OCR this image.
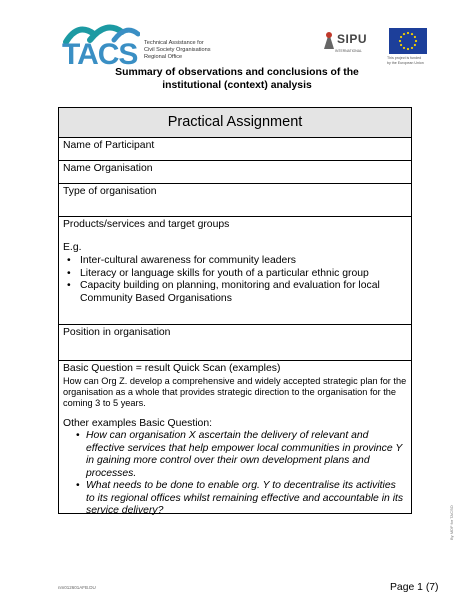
TACS Technical Assistance for
Civil Society Organisations
Regional Office
SIPU
INTERNATIONAL
This project is funded
by the European Union
Summary of observations and conclusions of the
institutional (context) analysis
Practical Assignment
Name of Participant
Name Organisation
Type of organisation
Products/services and target groups
E.g.
• Inter-cultural awareness for community leaders
• Literacy or language skills for youth of a particular ethnic group
• Capacity building on planning, monitoring and evaluation for local Community Based Organisations
Position in organisation
Basic Question = result Quick Scan (examples)
How can Org Z. develop a comprehensive and widely accepted strategic plan for the organisation as a whole that provides strategic direction to the organisation for the coming 3 to 5 years.
Other examples Basic Question:
• How can organisation X ascertain the delivery of relevant and effective services that help empower local communities in province Y in gaining more control over their own development plans and processes.
• What needs to be done to enable org. Y to decentralise its activities to its regional offices whilst remaining effective and accountable in its service delivery?	By MDF for TACSO
nm012601AFB.DU	Page 1 (7)
